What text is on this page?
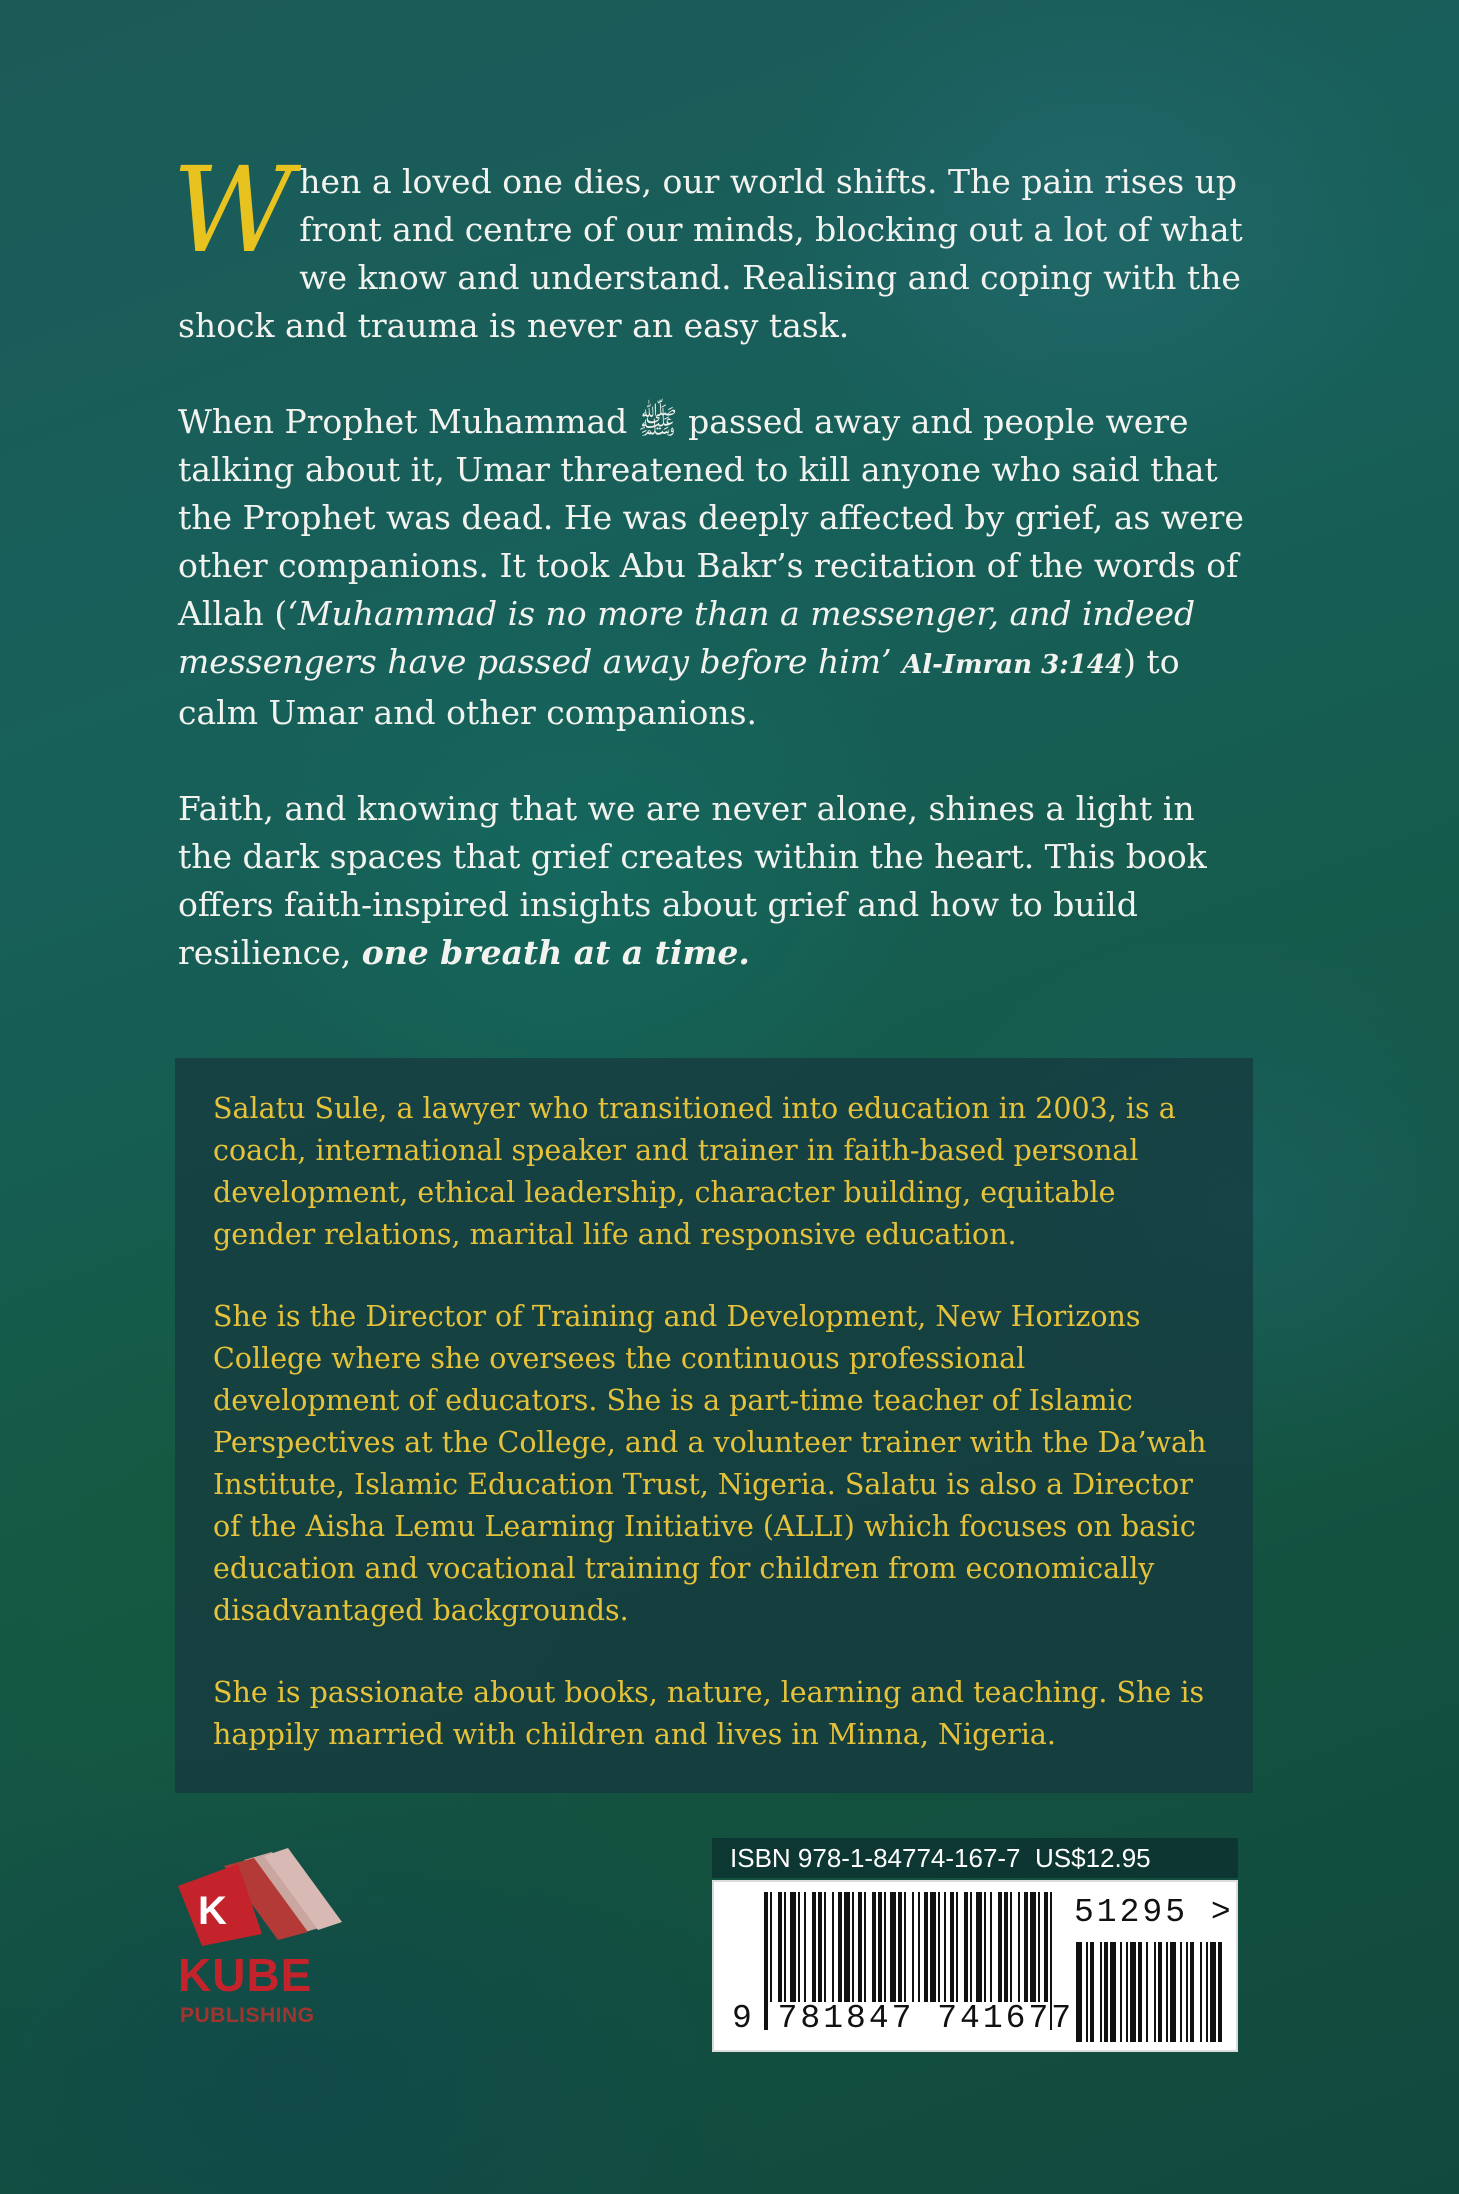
When a loved one dies, our world shifts. The pain rises up front and centre of our minds, blocking out a lot of what we know and understand. Realising and coping with the shock and trauma is never an easy task.

When Prophet Muhammad ﷺ passed away and people were talking about it, Umar threatened to kill anyone who said that the Prophet was dead. He was deeply affected by grief, as were other companions. It took Abu Bakr’s recitation of the words of Allah (‘Muhammad is no more than a messenger, and indeed messengers have passed away before him’ Al-Imran 3:144) to calm Umar and other companions.

Faith, and knowing that we are never alone, shines a light in the dark spaces that grief creates within the heart. This book offers faith-inspired insights about grief and how to build resilience, one breath at a time.

Salatu Sule, a lawyer who transitioned into education in 2003, is a coach, international speaker and trainer in faith-based personal development, ethical leadership, character building, equitable gender relations, marital life and responsive education.

She is the Director of Training and Development, New Horizons College where she oversees the continuous professional development of educators. She is a part-time teacher of Islamic Perspectives at the College, and a volunteer trainer with the Da’wah Institute, Islamic Education Trust, Nigeria. Salatu is also a Director of the Aisha Lemu Learning Initiative (ALLI) which focuses on basic education and vocational training for children from economically disadvantaged backgrounds.

She is passionate about books, nature, learning and teaching. She is happily married with children and lives in Minna, Nigeria.

K
KUBE
PUBLISHING
ISBN 978-1-84774-167-7 US$12.95
9 781847 741677
51295 >
